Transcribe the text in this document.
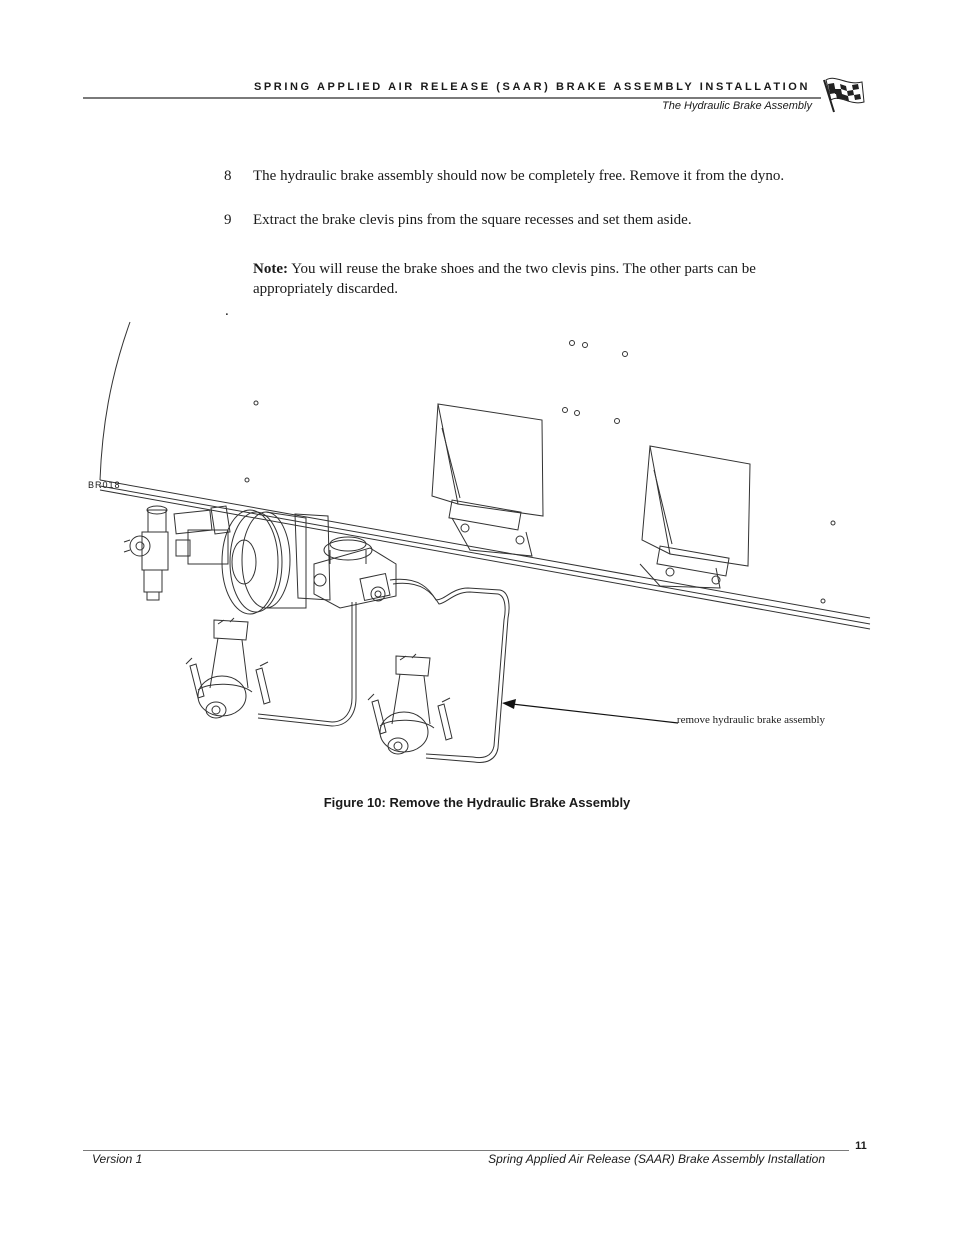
SPRING APPLIED AIR RELEASE (SAAR) BRAKE ASSEMBLY INSTALLATION
The Hydraulic Brake Assembly
8 The hydraulic brake assembly should now be completely free. Remove it from the dyno.
9 Extract the brake clevis pins from the square recesses and set them aside.
Note: You will reuse the brake shoes and the two clevis pins. The other parts can be appropriately discarded.
.
BR018
remove hydraulic brake assembly
Figure 10: Remove the Hydraulic Brake Assembly
11
Version 1	Spring Applied Air Release (SAAR) Brake Assembly Installation
